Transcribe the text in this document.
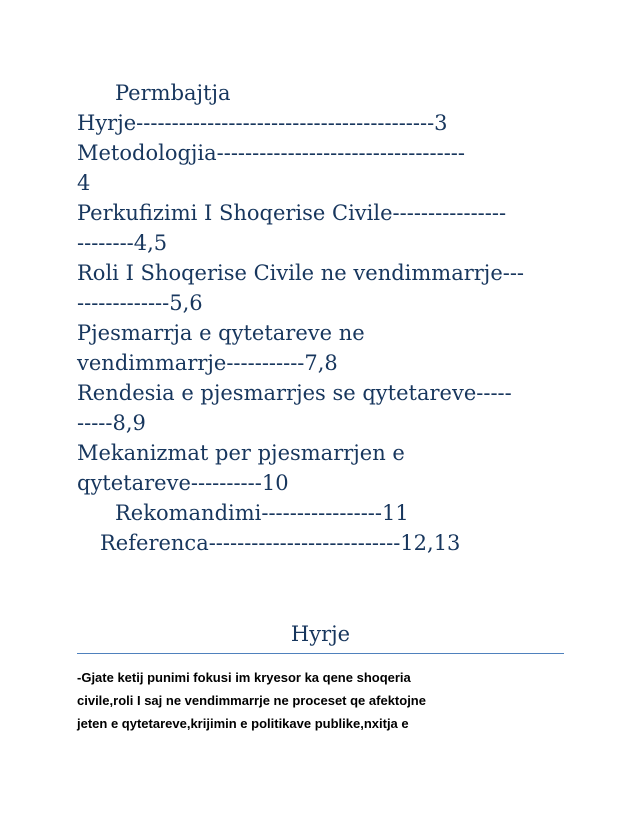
Permbajtja
Hyrje------------------------------------------3
Metodologjia-----------------------------------
4
Perkufizimi I Shoqerise Civile----------------
--------4,5
Roli I Shoqerise Civile ne vendimmarrje---
-------------5,6
Pjesmarrja e qytetareve ne
vendimmarrje-----------7,8
Rendesia e pjesmarrjes se qytetareve-----
-----8,9
Mekanizmat per pjesmarrjen e
qytetareve----------10
Rekomandimi-----------------11
Referenca---------------------------12,13
Hyrje
-Gjate ketij punimi fokusi im kryesor ka qene shoqeria
civile,roli I saj ne vendimmarrje ne proceset qe afektojne
jeten e qytetareve,krijimin e politikave publike,nxitja e
